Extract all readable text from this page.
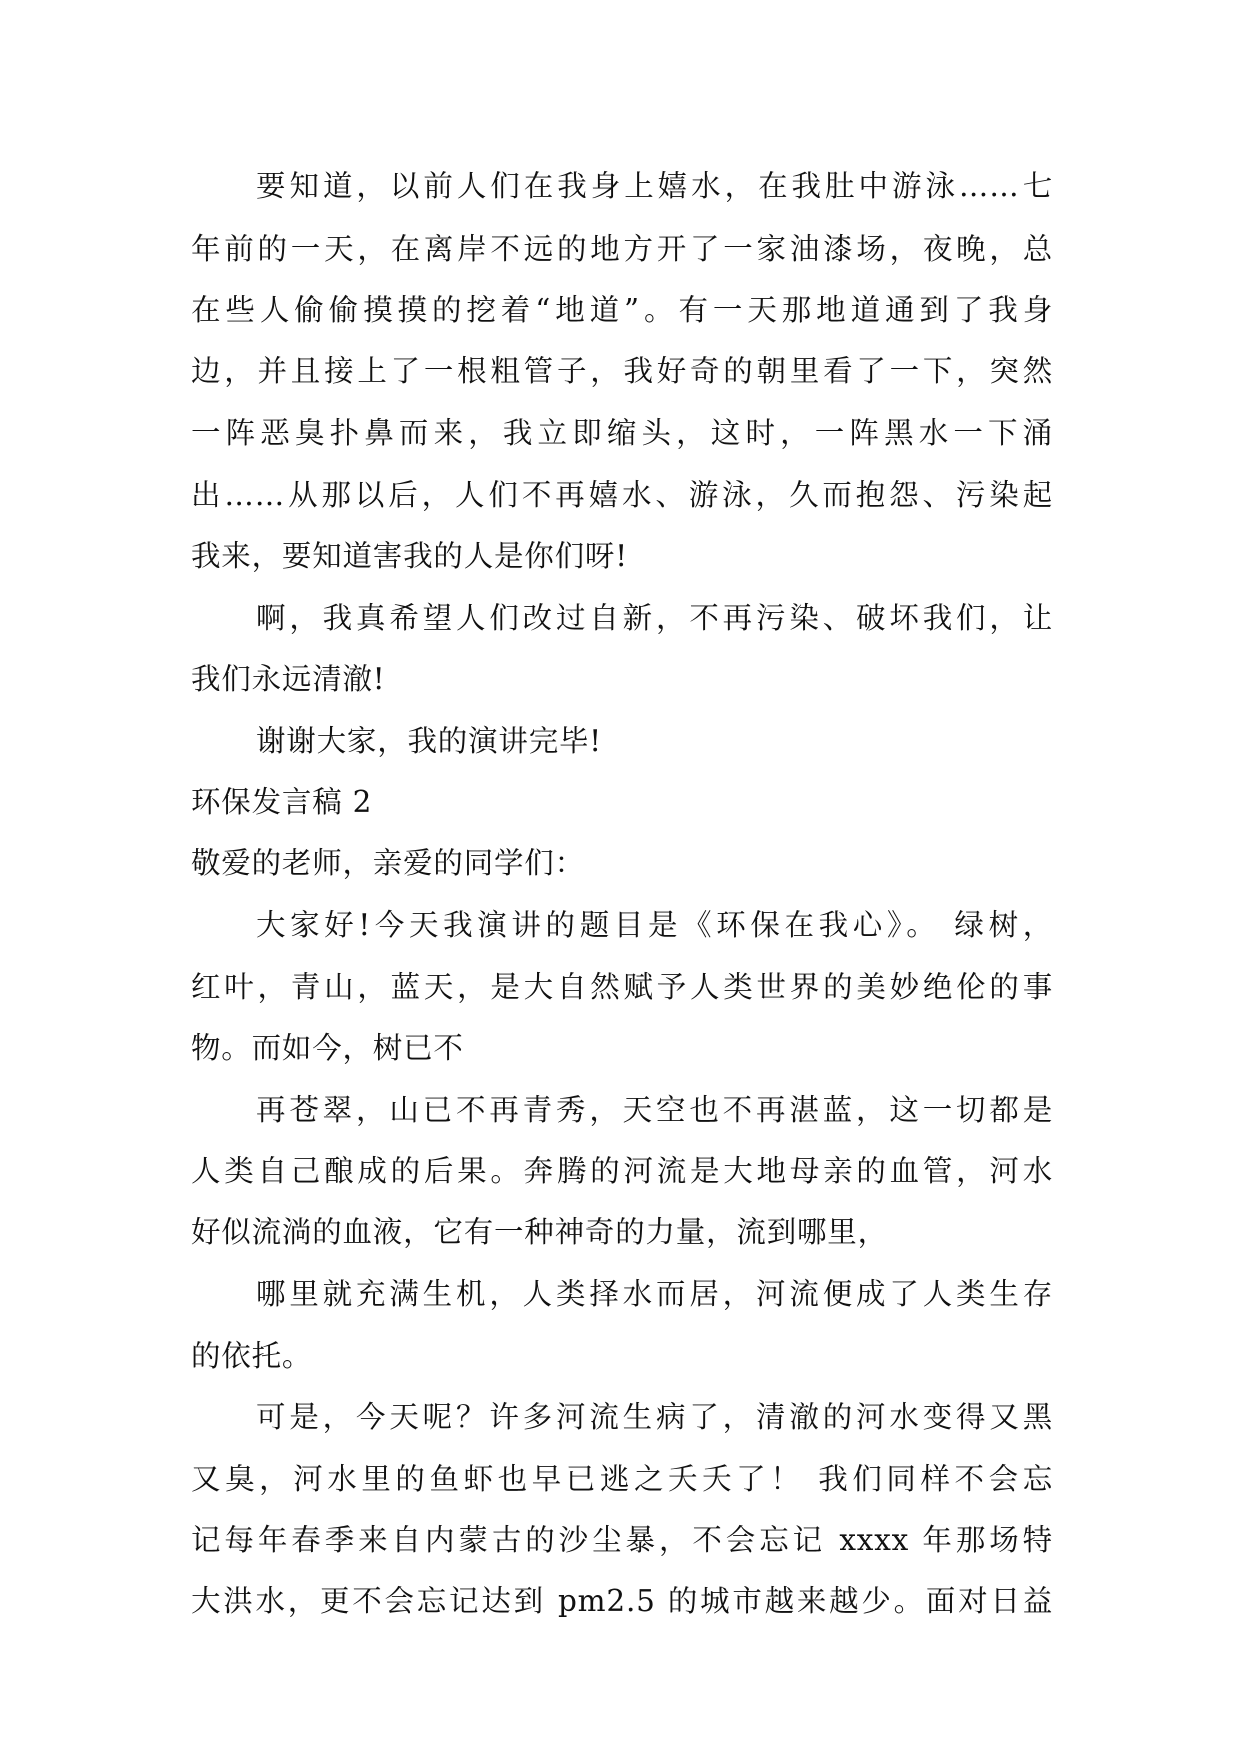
要知道，以前人们在我身上嬉水，在我肚中游泳……七
年前的一天，在离岸不远的地方开了一家油漆场，夜晚，总
在些人偷偷摸摸的挖着“地道”。有一天那地道通到了我身
边，并且接上了一根粗管子，我好奇的朝里看了一下，突然
一阵恶臭扑鼻而来，我立即缩头，这时，一阵黑水一下涌
出……从那以后，人们不再嬉水、游泳，久而抱怨、污染起
我来，要知道害我的人是你们呀!
啊，我真希望人们改过自新，不再污染、破坏我们，让
我们永远清澈!
谢谢大家，我的演讲完毕!
环保发言稿 2
敬爱的老师，亲爱的同学们：
大家好!今天我演讲的题目是《环保在我心》。 绿树，
红叶，青山，蓝天，是大自然赋予人类世界的美妙绝伦的事
物。而如今，树已不
再苍翠，山已不再青秀，天空也不再湛蓝，这一切都是
人类自己酿成的后果。奔腾的河流是大地母亲的血管，河水
好似流淌的血液，它有一种神奇的力量，流到哪里，
哪里就充满生机，人类择水而居，河流便成了人类生存
的依托。
可是，今天呢？许多河流生病了，清澈的河水变得又黑
又臭，河水里的鱼虾也早已逃之夭夭了！ 我们同样不会忘
记每年春季来自内蒙古的沙尘暴，不会忘记 xxxx 年那场特
大洪水，更不会忘记达到 pm2.5 的城市越来越少。面对日益
